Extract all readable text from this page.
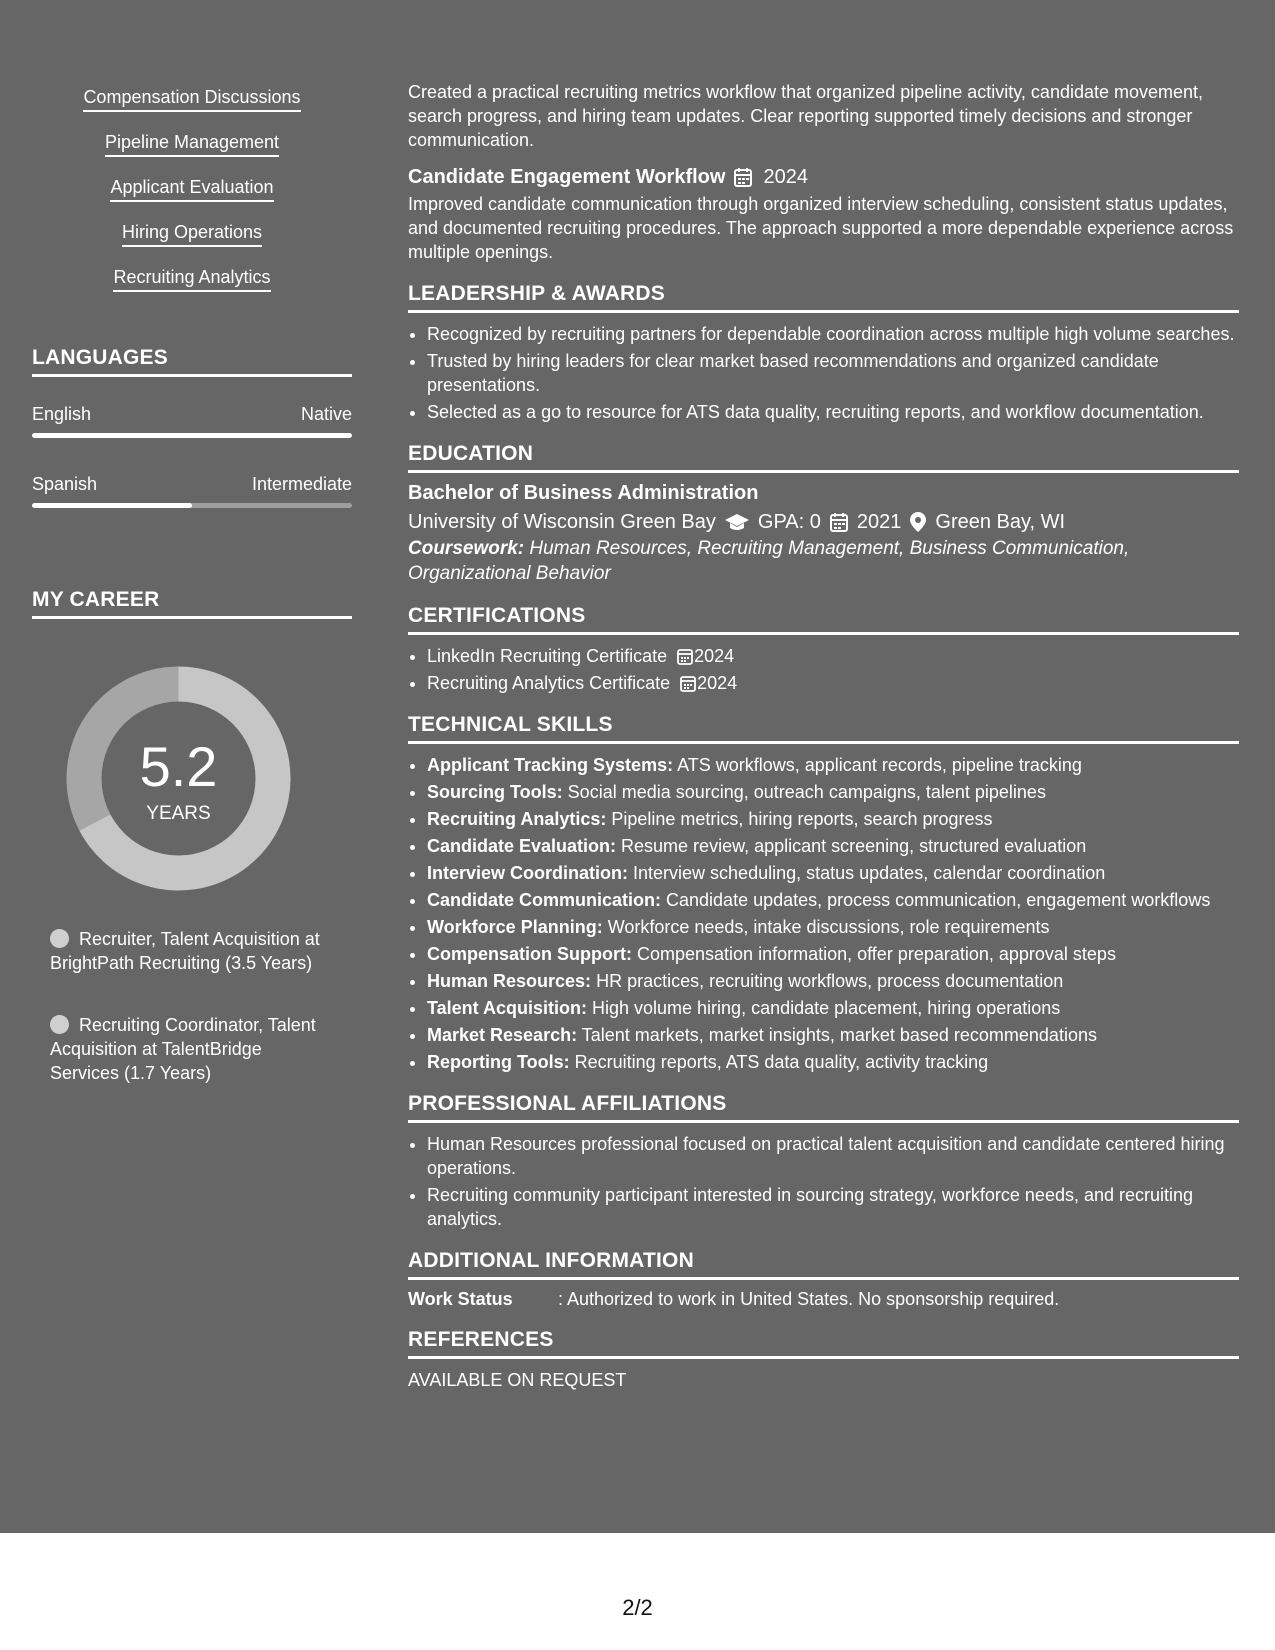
Compensation Discussions
Pipeline Management
Applicant Evaluation
Hiring Operations
Recruiting Analytics
LANGUAGES
English	Native
Spanish	Intermediate
MY CAREER
5.2
YEARS
Recruiter, Talent Acquisition at BrightPath Recruiting (3.5 Years)
Recruiting Coordinator, Talent Acquisition at TalentBridge Services (1.7 Years)

Created a practical recruiting metrics workflow that organized pipeline activity, candidate movement, search progress, and hiring team updates. Clear reporting supported timely decisions and stronger communication.

Candidate Engagement Workflow 2024

Improved candidate communication through organized interview scheduling, consistent status updates, and documented recruiting procedures. The approach supported a more dependable experience across multiple openings.

LEADERSHIP & AWARDS
• Recognized by recruiting partners for dependable coordination across multiple high volume searches.
• Trusted by hiring leaders for clear market based recommendations and organized candidate presentations.
• Selected as a go to resource for ATS data quality, recruiting reports, and workflow documentation.
EDUCATION
Bachelor of Business Administration
University of Wisconsin Green Bay GPA: 0 2021 Green Bay, WI
Coursework: Human Resources, Recruiting Management, Business Communication, Organizational Behavior
CERTIFICATIONS
• LinkedIn Recruiting Certificate 2024
• Recruiting Analytics Certificate 2024
TECHNICAL SKILLS
• Applicant Tracking Systems: ATS workflows, applicant records, pipeline tracking
• Sourcing Tools: Social media sourcing, outreach campaigns, talent pipelines
• Recruiting Analytics: Pipeline metrics, hiring reports, search progress
• Candidate Evaluation: Resume review, applicant screening, structured evaluation
• Interview Coordination: Interview scheduling, status updates, calendar coordination
• Candidate Communication: Candidate updates, process communication, engagement workflows
• Workforce Planning: Workforce needs, intake discussions, role requirements
• Compensation Support: Compensation information, offer preparation, approval steps
• Human Resources: HR practices, recruiting workflows, process documentation
• Talent Acquisition: High volume hiring, candidate placement, hiring operations
• Market Research: Talent markets, market insights, market based recommendations
• Reporting Tools: Recruiting reports, ATS data quality, activity tracking
PROFESSIONAL AFFILIATIONS
• Human Resources professional focused on practical talent acquisition and candidate centered hiring operations.
• Recruiting community participant interested in sourcing strategy, workforce needs, and recruiting analytics.
ADDITIONAL INFORMATION
Work Status	: Authorized to work in United States. No sponsorship required.
REFERENCES
AVAILABLE ON REQUEST
2/2
